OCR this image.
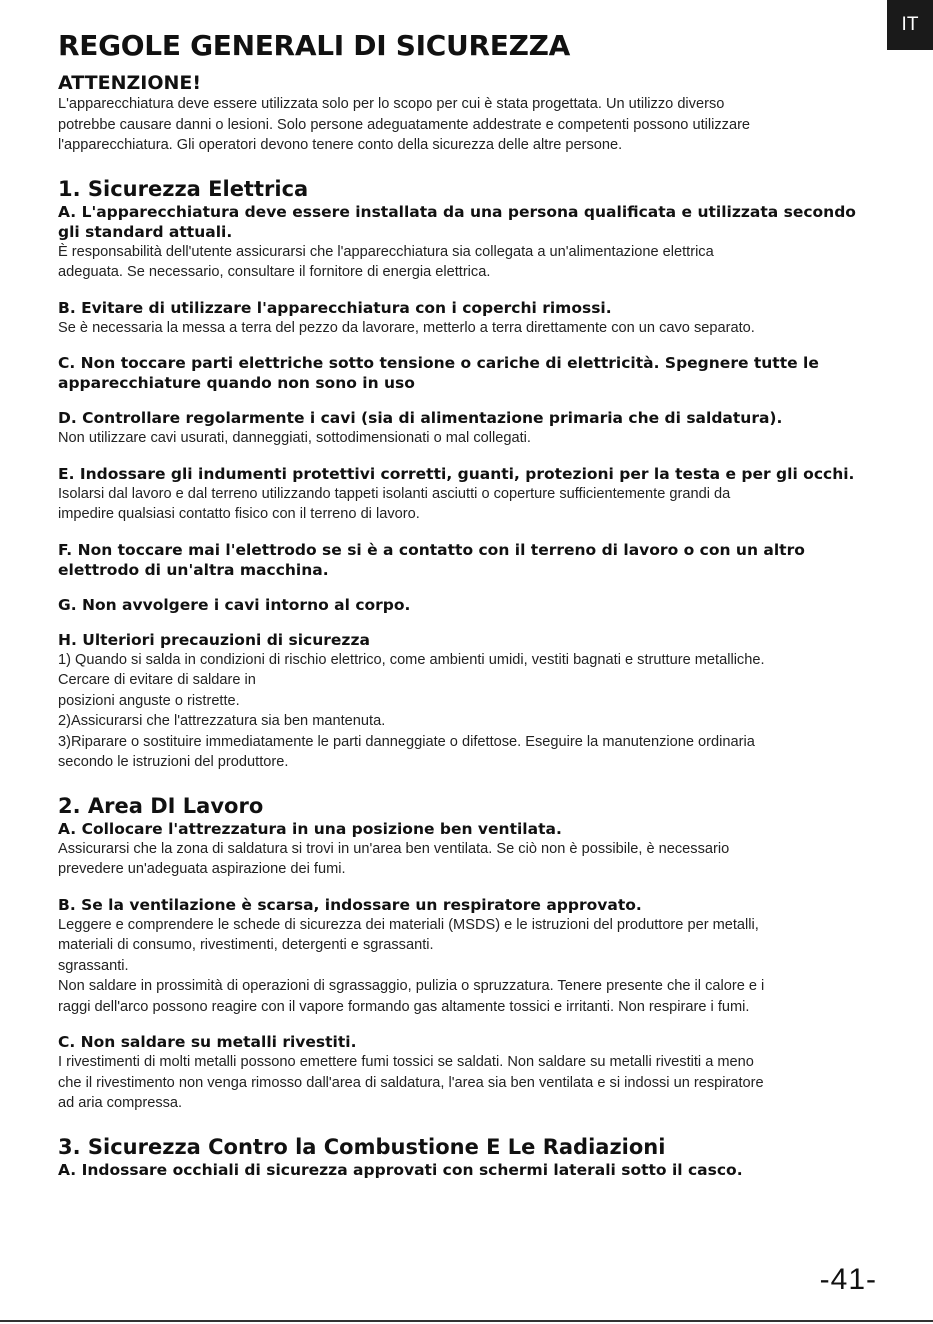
IT
REGOLE GENERALI DI SICUREZZA
ATTENZIONE!

L'apparecchiatura deve essere utilizzata solo per lo scopo per cui è stata progettata. Un utilizzo diverso
potrebbe causare danni o lesioni. Solo persone adeguatamente addestrate e competenti possono utilizzare
l'apparecchiatura. Gli operatori devono tenere conto della sicurezza delle altre persone.

1. Sicurezza Elettrica
A. L'apparecchiatura deve essere installata da una persona qualificata e utilizzata secondo
gli standard attuali.

È responsabilità dell'utente assicurarsi che l'apparecchiatura sia collegata a un'alimentazione elettrica
adeguata. Se necessario, consultare il fornitore di energia elettrica.

B. Evitare di utilizzare l'apparecchiatura con i coperchi rimossi.

Se è necessaria la messa a terra del pezzo da lavorare, metterlo a terra direttamente con un cavo separato.

C. Non toccare parti elettriche sotto tensione o cariche di elettricità. Spegnere tutte le
apparecchiature quando non sono in uso
D. Controllare regolarmente i cavi (sia di alimentazione primaria che di saldatura).

Non utilizzare cavi usurati, danneggiati, sottodimensionati o mal collegati.

E. Indossare gli indumenti protettivi corretti, guanti, protezioni per la testa e per gli occhi.

Isolarsi dal lavoro e dal terreno utilizzando tappeti isolanti asciutti o coperture sufficientemente grandi da
impedire qualsiasi contatto fisico con il terreno di lavoro.

F. Non toccare mai l'elettrodo se si è a contatto con il terreno di lavoro o con un altro
elettrodo di un'altra macchina.
G. Non avvolgere i cavi intorno al corpo.
H. Ulteriori precauzioni di sicurezza

1) Quando si salda in condizioni di rischio elettrico, come ambienti umidi, vestiti bagnati e strutture metalliche.
Cercare di evitare di saldare in
posizioni anguste o ristrette.
2)Assicurarsi che l'attrezzatura sia ben mantenuta.
3)Riparare o sostituire immediatamente le parti danneggiate o difettose. Eseguire la manutenzione ordinaria
secondo le istruzioni del produttore.

2. Area DI Lavoro
A. Collocare l'attrezzatura in una posizione ben ventilata.

Assicurarsi che la zona di saldatura si trovi in un'area ben ventilata. Se ciò non è possibile, è necessario
prevedere un'adeguata aspirazione dei fumi.

B. Se la ventilazione è scarsa, indossare un respiratore approvato.

Leggere e comprendere le schede di sicurezza dei materiali (MSDS) e le istruzioni del produttore per metalli,
materiali di consumo, rivestimenti, detergenti e sgrassanti.
sgrassanti.
Non saldare in prossimità di operazioni di sgrassaggio, pulizia o spruzzatura. Tenere presente che il calore e i
raggi dell'arco possono reagire con il vapore formando gas altamente tossici e irritanti. Non respirare i fumi.

C. Non saldare su metalli rivestiti.

I rivestimenti di molti metalli possono emettere fumi tossici se saldati. Non saldare su metalli rivestiti a meno
che il rivestimento non venga rimosso dall'area di saldatura, l'area sia ben ventilata e si indossi un respiratore
ad aria compressa.

3. Sicurezza Contro la Combustione E Le Radiazioni
A. Indossare occhiali di sicurezza approvati con schermi laterali sotto il casco.
-41-
